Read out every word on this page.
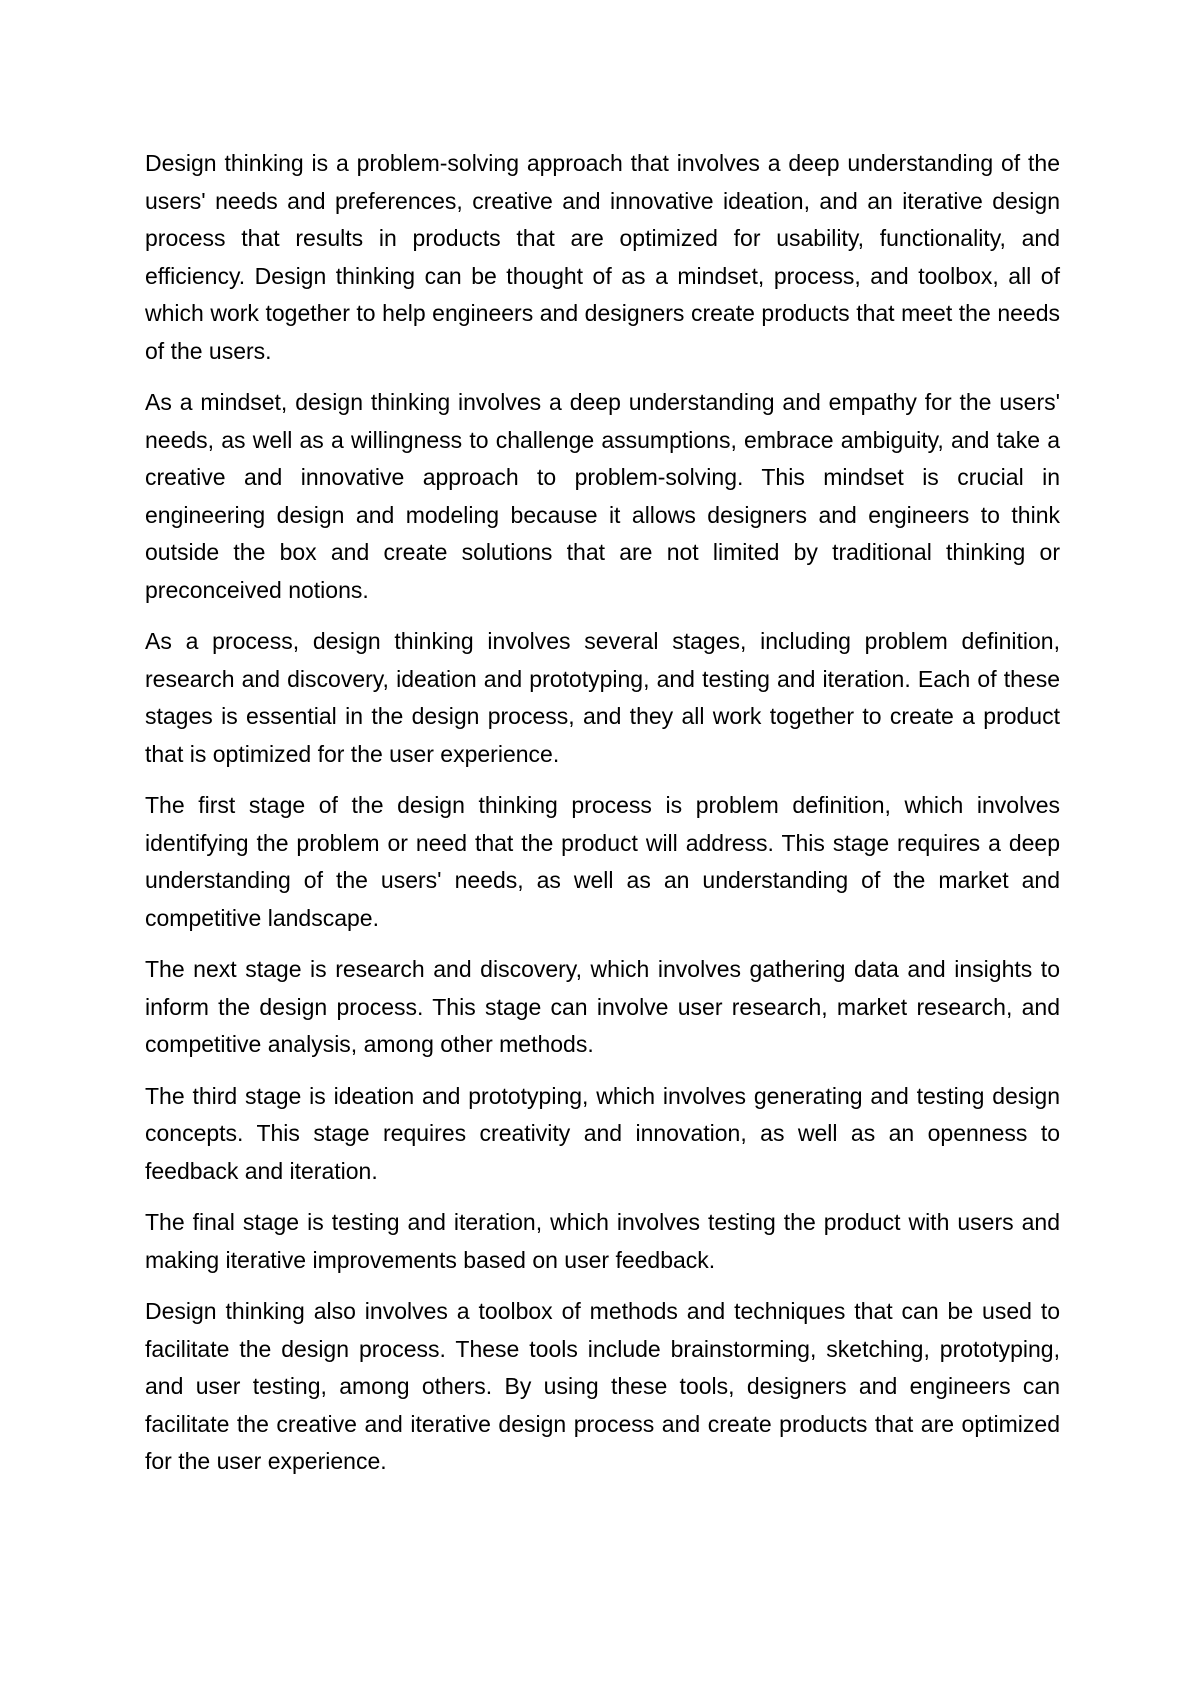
Design thinking is a problem-solving approach that involves a deep understanding of the users' needs and preferences, creative and innovative ideation, and an iterative design process that results in products that are optimized for usability, functionality, and efficiency. Design thinking can be thought of as a mindset, process, and toolbox, all of which work together to help engineers and designers create products that meet the needs of the users.

As a mindset, design thinking involves a deep understanding and empathy for the users' needs, as well as a willingness to challenge assumptions, embrace ambiguity, and take a creative and innovative approach to problem-solving. This mindset is crucial in engineering design and modeling because it allows designers and engineers to think outside the box and create solutions that are not limited by traditional thinking or preconceived notions.

As a process, design thinking involves several stages, including problem definition, research and discovery, ideation and prototyping, and testing and iteration. Each of these stages is essential in the design process, and they all work together to create a product that is optimized for the user experience.

The first stage of the design thinking process is problem definition, which involves identifying the problem or need that the product will address. This stage requires a deep understanding of the users' needs, as well as an understanding of the market and competitive landscape.

The next stage is research and discovery, which involves gathering data and insights to inform the design process. This stage can involve user research, market research, and competitive analysis, among other methods.

The third stage is ideation and prototyping, which involves generating and testing design concepts. This stage requires creativity and innovation, as well as an openness to feedback and iteration.

The final stage is testing and iteration, which involves testing the product with users and making iterative improvements based on user feedback.

Design thinking also involves a toolbox of methods and techniques that can be used to facilitate the design process. These tools include brainstorming, sketching, prototyping, and user testing, among others. By using these tools, designers and engineers can facilitate the creative and iterative design process and create products that are optimized for the user experience.
